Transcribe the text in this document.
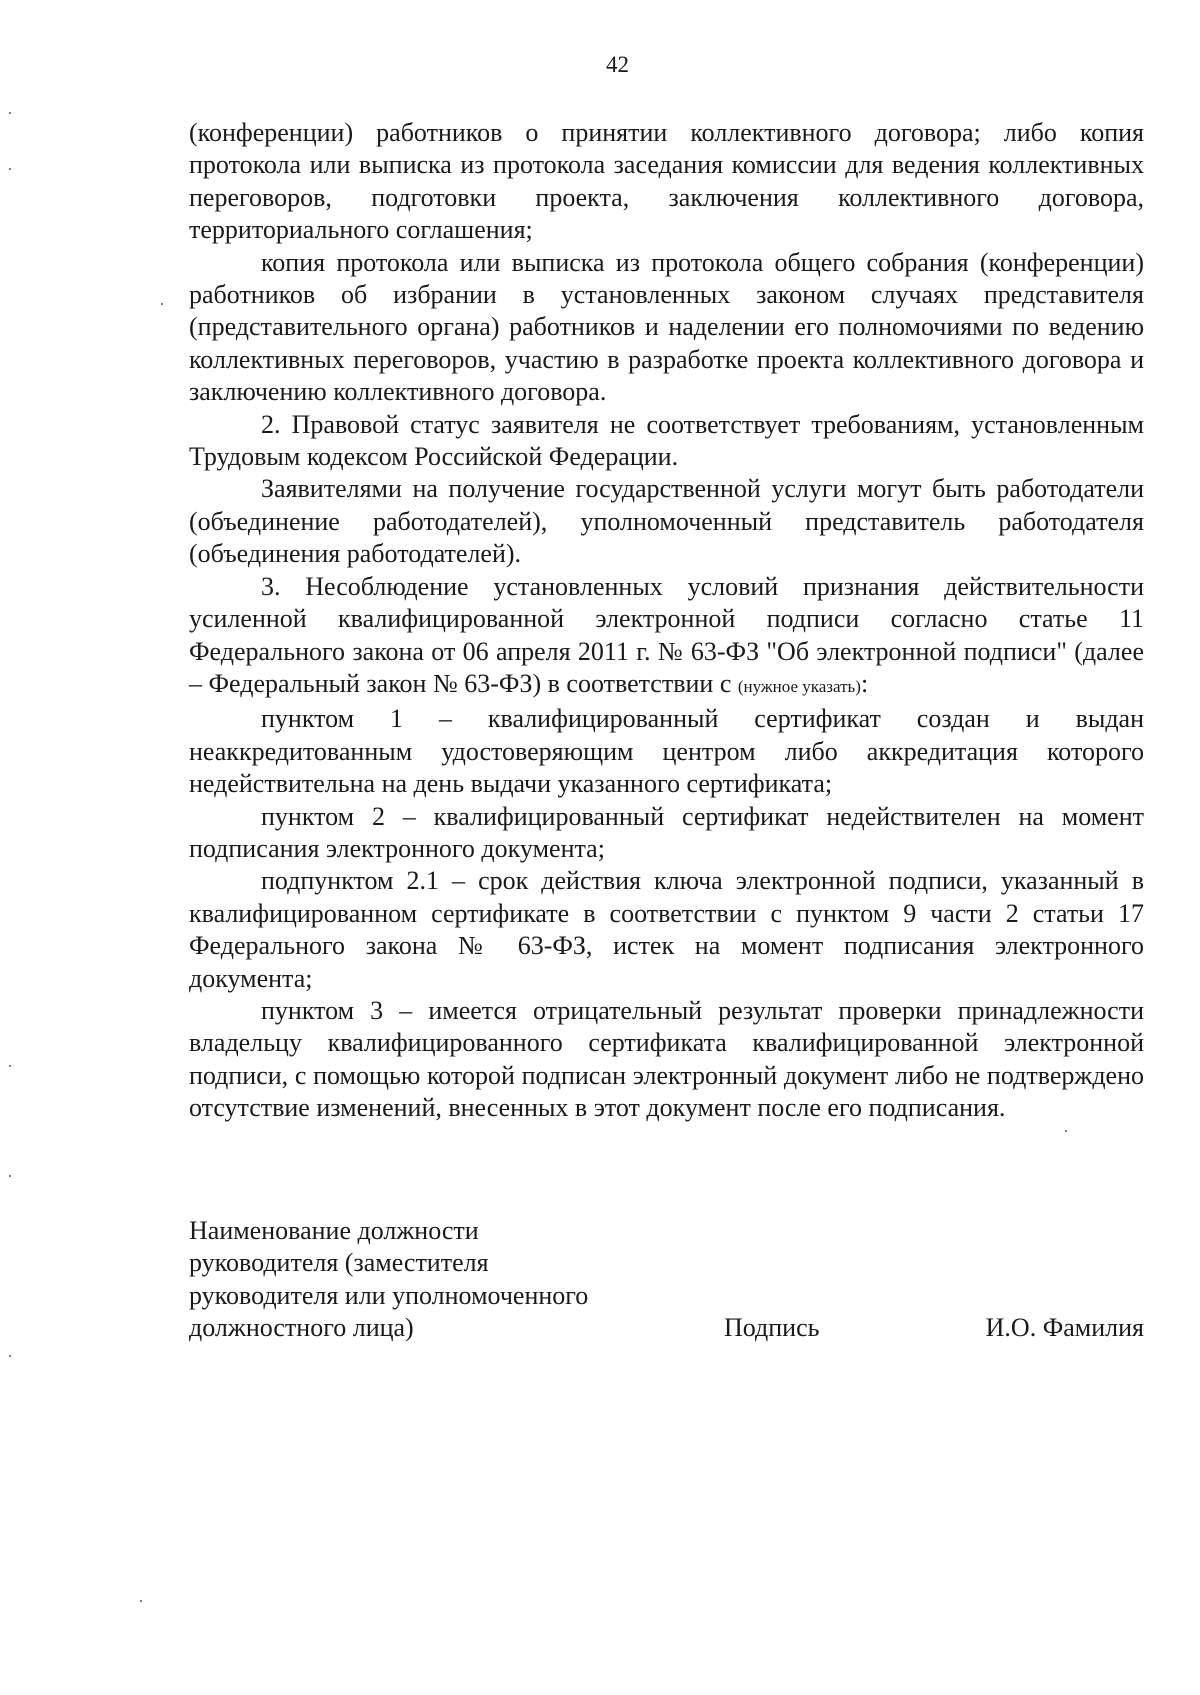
42

(конференции) работников о принятии коллективного договора; либо копия протокола или выписка из протокола заседания комиссии для ведения коллективных переговоров, подготовки проекта, заключения коллективного договора, территориального соглашения;

копия протокола или выписка из протокола общего собрания (конференции) работников об избрании в установленных законом случаях представителя (представительного органа) работников и наделении его полномочиями по ведению коллективных переговоров, участию в разработке проекта коллективного договора и заключению коллективного договора.

2. Правовой статус заявителя не соответствует требованиям, установленным Трудовым кодексом Российской Федерации.

Заявителями на получение государственной услуги могут быть работодатели (объединение работодателей), уполномоченный представитель работодателя (объединения работодателей).

3. Несоблюдение установленных условий признания действительности усиленной квалифицированной электронной подписи согласно статье 11 Федерального закона от 06 апреля 2011 г. № 63-ФЗ "Об электронной подписи" (далее – Федеральный закон № 63-ФЗ) в соответствии с (нужное указать):

пунктом 1 – квалифицированный сертификат создан и выдан неаккредитованным удостоверяющим центром либо аккредитация которого недействительна на день выдачи указанного сертификата;

пунктом 2 – квалифицированный сертификат недействителен на момент подписания электронного документа;

подпунктом 2.1 – срок действия ключа электронной подписи, указанный в квалифицированном сертификате в соответствии с пунктом 9 части 2 статьи 17 Федерального закона № 63-ФЗ, истек на момент подписания электронного документа;

пунктом 3 – имеется отрицательный результат проверки принадлежности владельцу квалифицированного сертификата квалифицированной электронной подписи, с помощью которой подписан электронный документ либо не подтверждено отсутствие изменений, внесенных в этот документ после его подписания.

Наименование должности
руководителя (заместителя
руководителя или уполномоченного
должностного лица)	Подпись	И.О. Фамилия
